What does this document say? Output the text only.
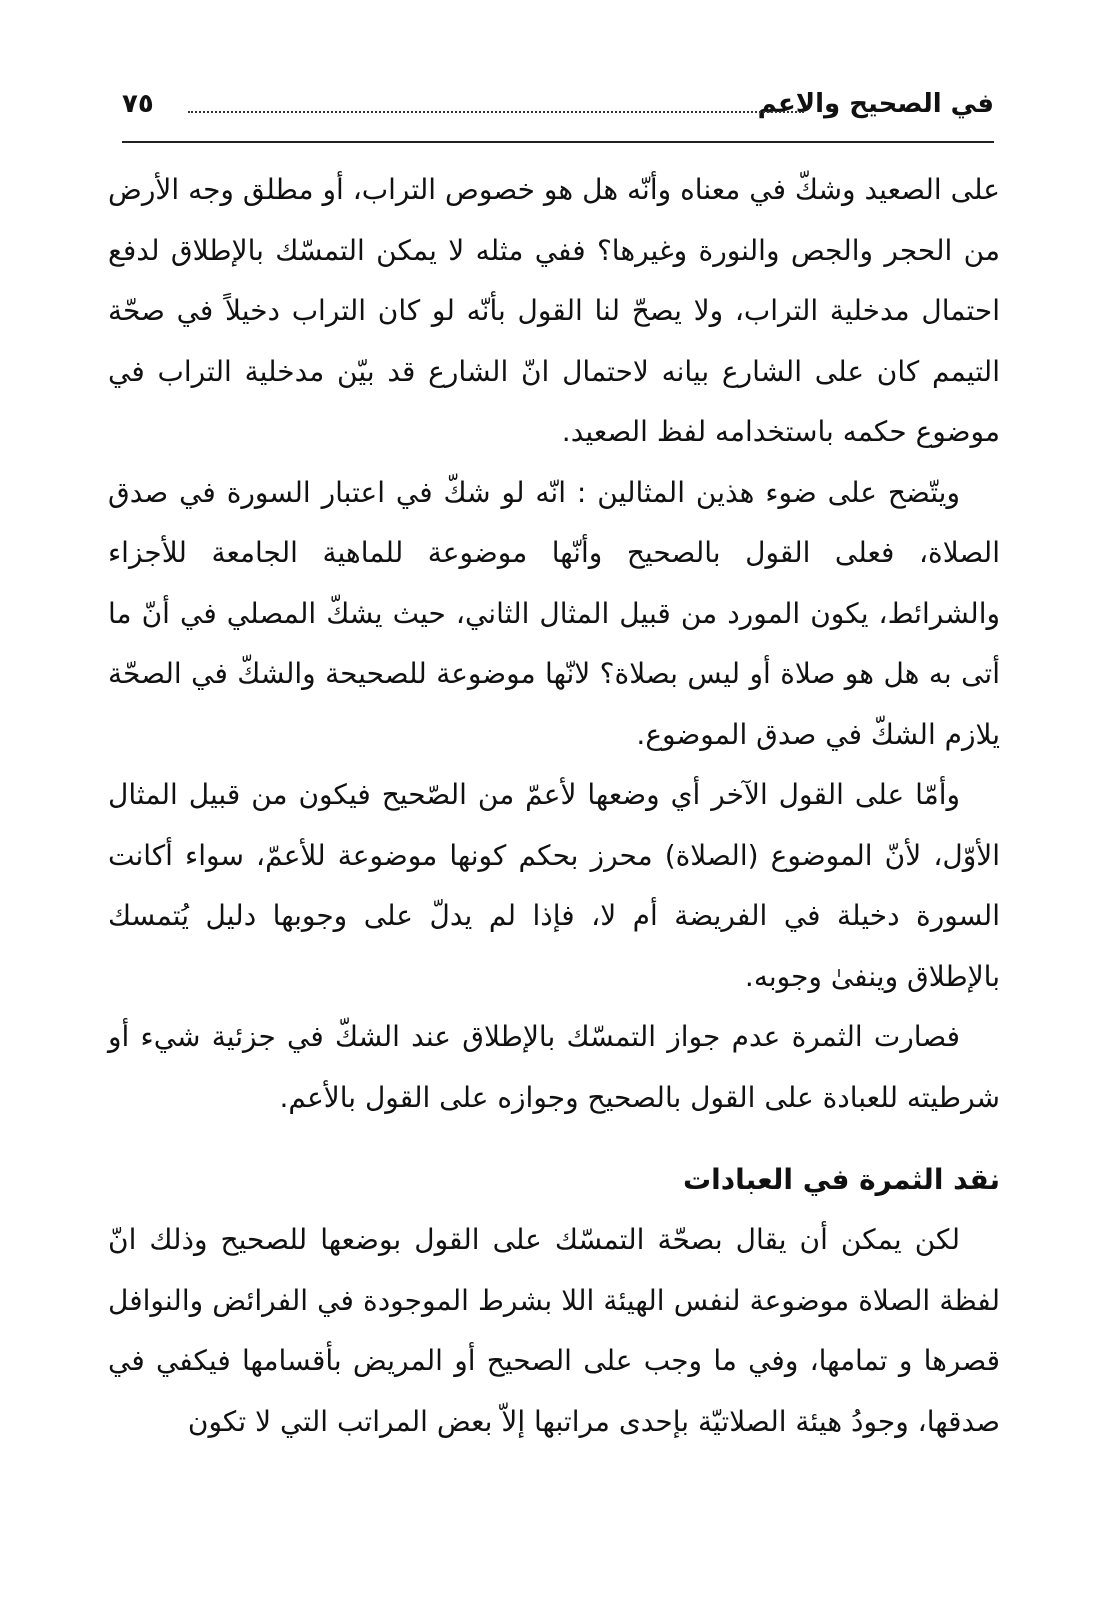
في الصحيح والاعم
٧٥

على الصعيد وشكّ في معناه وأنّه هل هو خصوص التراب، أو مطلق وجه الأرض من الحجر والجص والنورة وغيرها؟ ففي مثله لا يمكن التمسّك بالإطلاق لدفع احتمال مدخلية التراب، ولا يصحّ لنا القول بأنّه لو كان التراب دخيلاً في صحّة التيمم كان على الشارع بيانه لاحتمال انّ الشارع قد بيّن مدخلية التراب في موضوع حكمه باستخدامه لفظ الصعيد.

ويتّضح على ضوء هذين المثالين : انّه لو شكّ في اعتبار السورة في صدق الصلاة، فعلى القول بالصحيح وأنّها موضوعة للماهية الجامعة للأجزاء والشرائط، يكون المورد من قبيل المثال الثاني، حيث يشكّ المصلي في أنّ ما أتى به هل هو صلاة أو ليس بصلاة؟ لانّها موضوعة للصحيحة والشكّ في الصحّة يلازم الشكّ في صدق الموضوع.

وأمّا على القول الآخر أي وضعها لأعمّ من الصّحيح فيكون من قبيل المثال الأوّل، لأنّ الموضوع (الصلاة) محرز بحكم كونها موضوعة للأعمّ، سواء أكانت السورة دخيلة في الفريضة أم لا، فإذا لم يدلّ على وجوبها دليل يُتمسك بالإطلاق وينفىٰ وجوبه.

فصارت الثمرة عدم جواز التمسّك بالإطلاق عند الشكّ في جزئية شيء أو شرطيته للعبادة على القول بالصحيح وجوازه على القول بالأعم.

نقد الثمرة في العبادات

لكن يمكن أن يقال بصحّة التمسّك على القول بوضعها للصحيح وذلك انّ لفظة الصلاة موضوعة لنفس الهيئة اللا بشرط الموجودة في الفرائض والنوافل قصرها و تمامها، وفي ما وجب على الصحيح أو المريض بأقسامها فيكفي في صدقها، وجودُ هيئة الصلاتيّة بإحدى مراتبها إلاّ بعض المراتب التي لا تكون
